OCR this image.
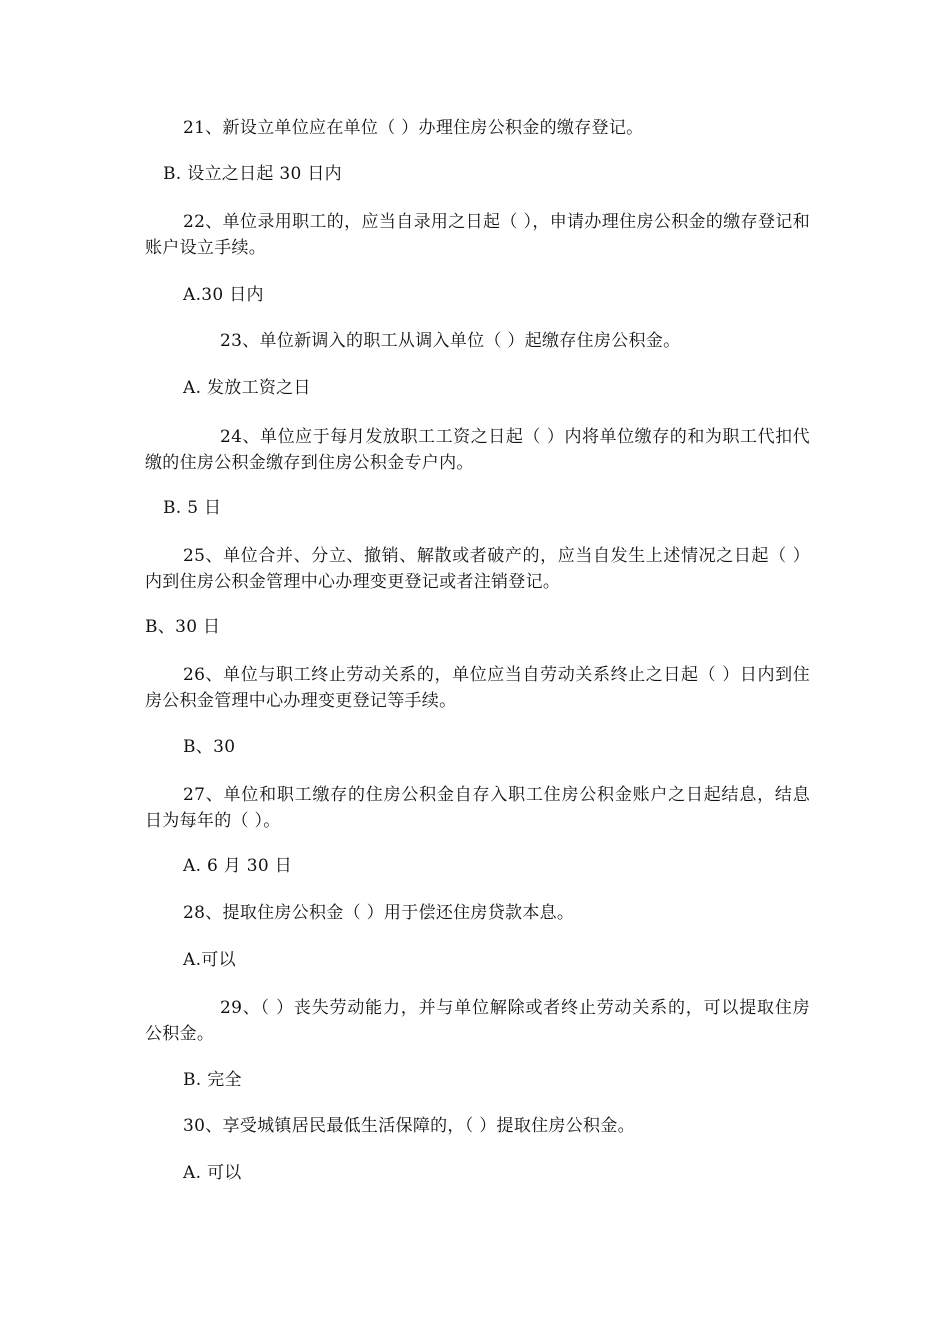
21、新设立单位应在单位（ ）办理住房公积金的缴存登记。
B. 设立之日起 30 日内
22、单位录用职工的，应当自录用之日起（ ），申请办理住房公积金的缴存登记和账户设立手续。
A.30 日内
23、单位新调入的职工从调入单位（ ）起缴存住房公积金。
A. 发放工资之日
24、单位应于每月发放职工工资之日起（ ）内将单位缴存的和为职工代扣代缴的住房公积金缴存到住房公积金专户内。
B. 5 日
25、单位合并、分立、撤销、解散或者破产的，应当自发生上述情况之日起（ ）内到住房公积金管理中心办理变更登记或者注销登记。
B、30 日
26、单位与职工终止劳动关系的，单位应当自劳动关系终止之日起（ ）日内到住房公积金管理中心办理变更登记等手续。
B、30
27、单位和职工缴存的住房公积金自存入职工住房公积金账户之日起结息，结息日为每年的（ ）。
A. 6 月 30 日
28、提取住房公积金（ ）用于偿还住房贷款本息。
A.可以
29、（ ）丧失劳动能力，并与单位解除或者终止劳动关系的，可以提取住房公积金。
B. 完全
30、享受城镇居民最低生活保障的，（ ）提取住房公积金。
A. 可以
